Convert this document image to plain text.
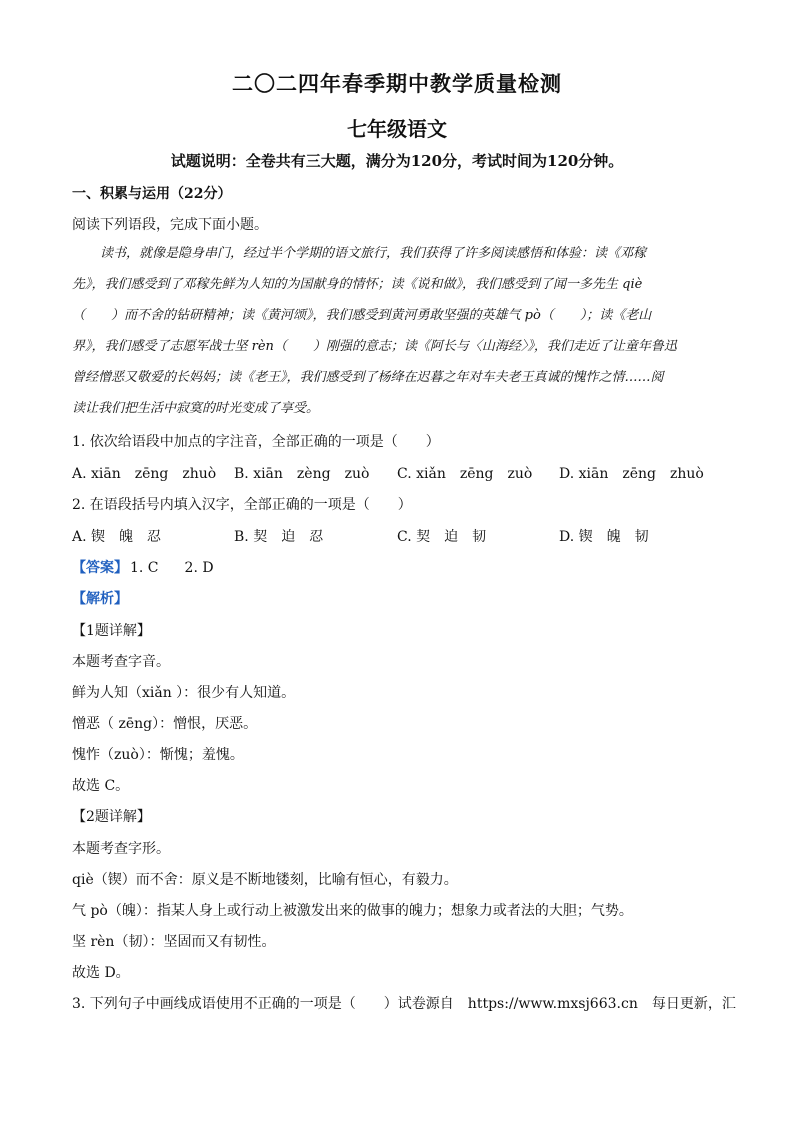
二〇二四年春季期中教学质量检测
七年级语文
试题说明：全卷共有三大题，满分为120分，考试时间为120分钟。
一、积累与运用（22分）
阅读下列语段，完成下面小题。

读书，就像是隐身串门，经过半个学期的语文旅行，我们获得了许多阅读感悟和体验：读《邓稼

先》，我们感受到了邓稼先鲜为人知的为国献身的情怀；读《说和做》，我们感受到了闻一多先生 qiè

（　　）而不舍的钻研精神；读《黄河颂》，我们感受到黄河勇敢坚强的英雄气 pò（　　）；读《老山

界》，我们感受了志愿军战士坚 rèn（　　）刚强的意志；读《阿长与〈山海经〉》，我们走近了让童年鲁迅

曾经憎恶又敬爱的长妈妈；读《老王》，我们感受到了杨绛在迟暮之年对车夫老王真诚的愧怍之情……阅

读让我们把生活中寂寞的时光变成了享受。

1. 依次给语段中加点的字注音，全部正确的一项是（　　）
A. xiān　zēng　zhuò B. xiān　zèng　zuò C. xiǎn　zēng　zuò D. xiān　zēng　zhuò
2. 在语段括号内填入汉字，全部正确的一项是（　　）
A. 锲　魄　忍	B. 契　迫　忍	C. 契　迫　韧	D. 锲　魄　韧
【答案】 1. C 2. D
【解析】
【1题详解】
本题考查字音。
鲜为人知（xiǎn ）：很少有人知道。
憎恶（ zēng）：憎恨，厌恶。
愧怍（zuò）：惭愧；羞愧。
故选 C。
【2题详解】
本题考查字形。
qiè（锲）而不舍：原义是不断地镂刻，比喻有恒心，有毅力。
气 pò（魄）：指某人身上或行动上被激发出来的做事的魄力；想象力或者法的大胆；气势。
坚 rèn（韧）：坚固而又有韧性。
故选 D。
3. 下列句子中画线成语使用不正确的一项是（　　）试卷源自　https://www.mxsj663.cn　每日更新，汇
